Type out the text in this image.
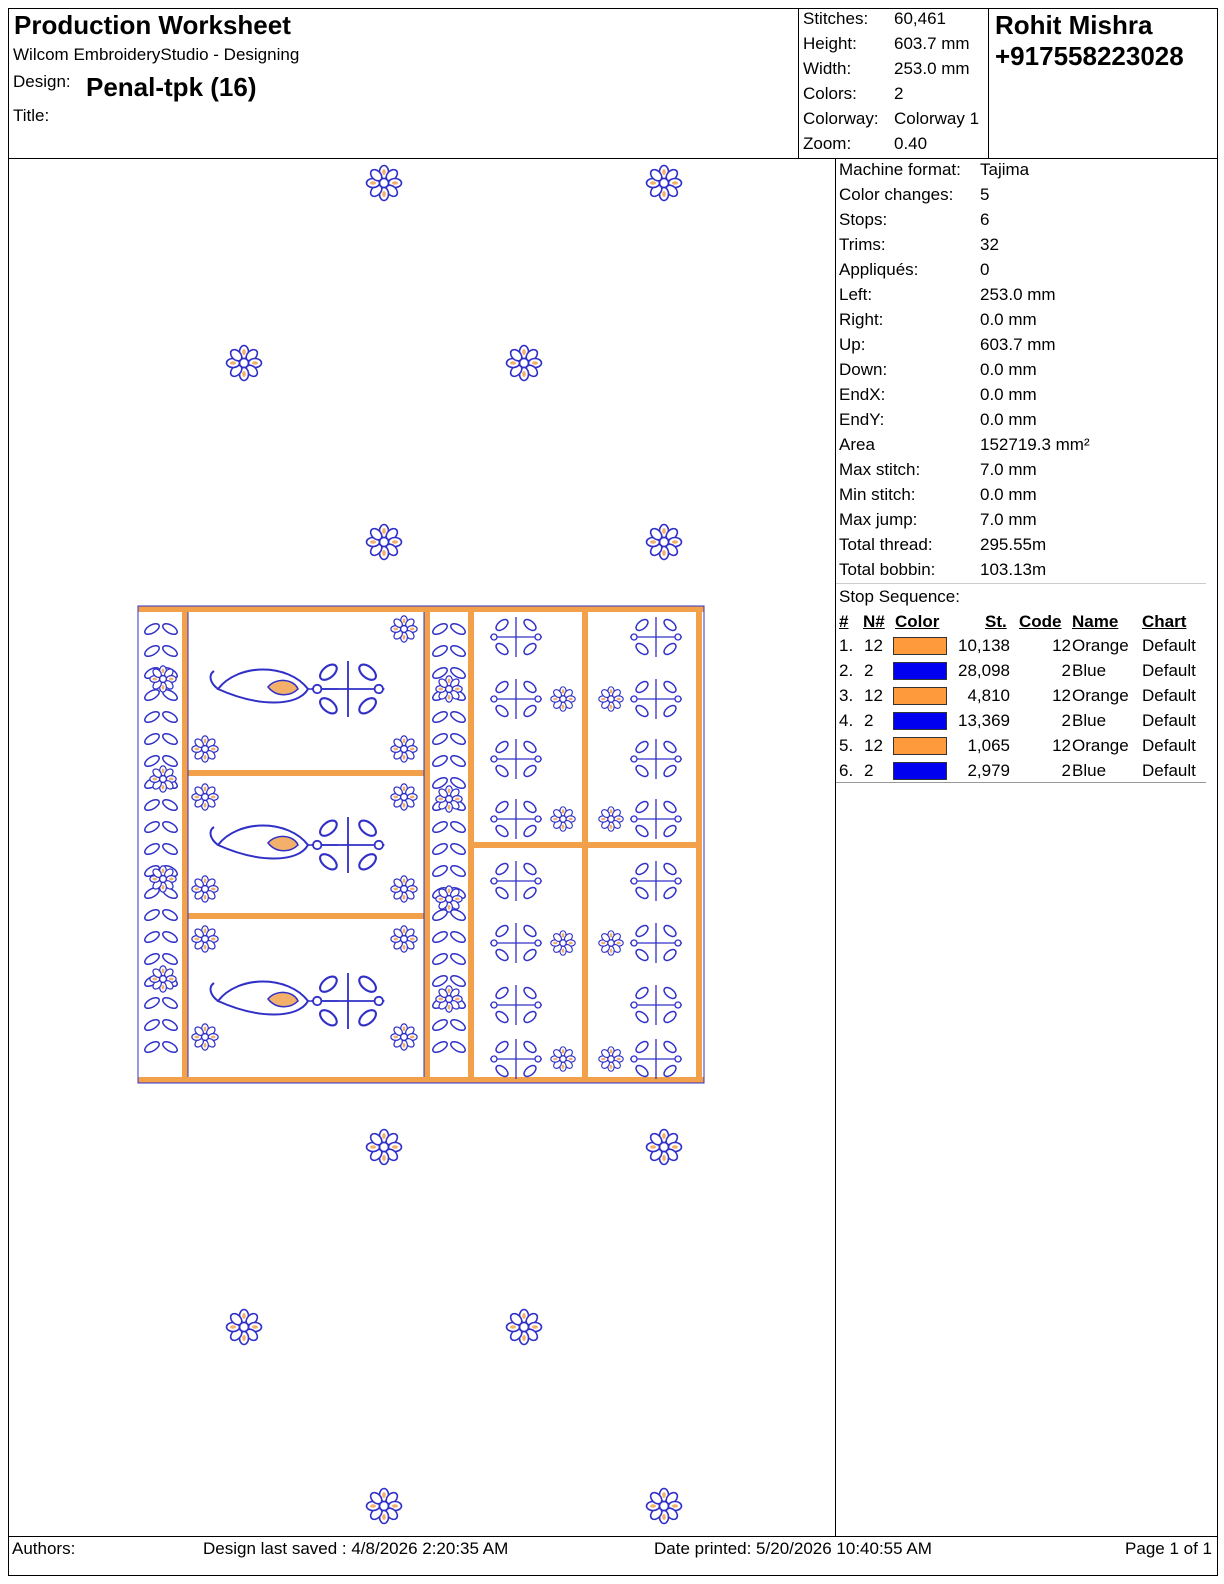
Production Worksheet
Wilcom EmbroideryStudio - Designing
Design: Penal-tpk (16)
Title:
Stitches: 60,461
Height: 603.7 mm
Width:	253.0 mm
Colors: 2
Colorway: Colorway 1
Zoom:	0.40
Rohit Mishra
+917558223028
Machine format: Tajima
Color changes: 5
Stops:	6
Trims:	32
Appliqués:	0
Left:	253.0 mm
Right:	0.0 mm
Up:	603.7 mm
Down:	0.0 mm
EndX:	0.0 mm
EndY:	0.0 mm
Area	152719.3 mm²
Max stitch:	7.0 mm
Min stitch:	0.0 mm
Max jump:	7.0 mm
Total thread:	295.55m
Total bobbin:	103.13m
Stop Sequence:
# N# Color	St. Code Name Chart
1. 12	10,138 12 Orange Default
2. 2	28,098	2 Blue Default
3. 12	4,810 12 Orange Default
4. 2	13,369	2 Blue Default
5. 12	1,065 12 Orange Default
6. 2	2,979	2 Blue Default
Authors:	Design last saved : 4/8/2026 2:20:35 AM	Date printed: 5/20/2026 10:40:55 AM	Page 1 of 1
